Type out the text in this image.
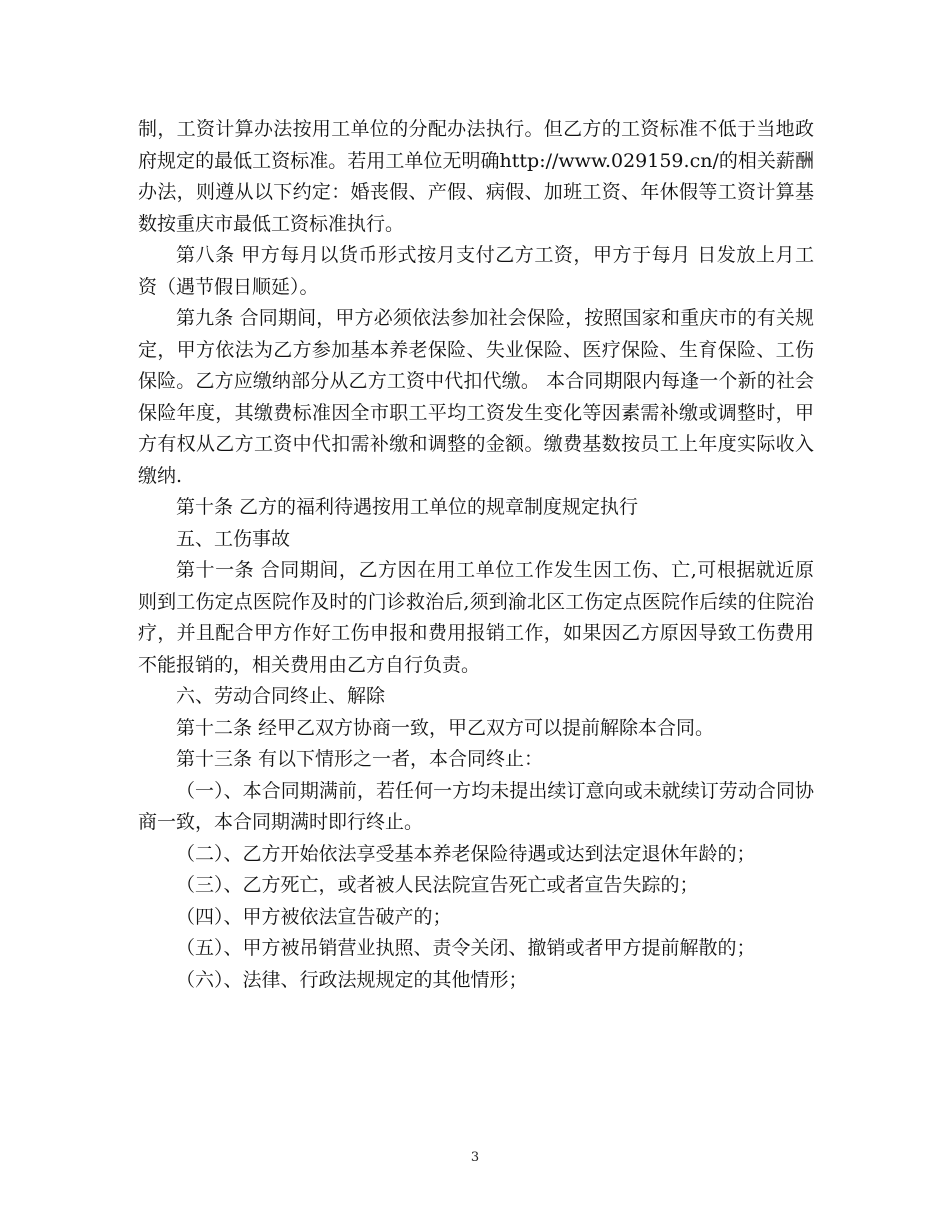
制，工资计算办法按用工单位的分配办法执行。但乙方的工资标准不低于当地政府规定的最低工资标准。若用工单位无明确http://www.029159.cn/的相关薪酬办法，则遵从以下约定：婚丧假、产假、病假、加班工资、年休假等工资计算基数按重庆市最低工资标准执行。

第八条 甲方每月以货币形式按月支付乙方工资，甲方于每月 日发放上月工资（遇节假日顺延）。

第九条 合同期间，甲方必须依法参加社会保险，按照国家和重庆市的有关规定，甲方依法为乙方参加基本养老保险、失业保险、医疗保险、生育保险、工伤保险。乙方应缴纳部分从乙方工资中代扣代缴。 本合同期限内每逢一个新的社会保险年度，其缴费标准因全市职工平均工资发生变化等因素需补缴或调整时，甲方有权从乙方工资中代扣需补缴和调整的金额。缴费基数按员工上年度实际收入缴纳.

第十条 乙方的福利待遇按用工单位的规章制度规定执行

五、工伤事故

第十一条 合同期间，乙方因在用工单位工作发生因工伤、亡,可根据就近原则到工伤定点医院作及时的门诊救治后,须到渝北区工伤定点医院作后续的住院治疗，并且配合甲方作好工伤申报和费用报销工作，如果因乙方原因导致工伤费用不能报销的，相关费用由乙方自行负责。

六、劳动合同终止、解除

第十二条 经甲乙双方协商一致，甲乙双方可以提前解除本合同。

第十三条 有以下情形之一者，本合同终止：

（一）、本合同期满前，若任何一方均未提出续订意向或未就续订劳动合同协商一致，本合同期满时即行终止。

（二）、乙方开始依法享受基本养老保险待遇或达到法定退休年龄的；

（三）、乙方死亡，或者被人民法院宣告死亡或者宣告失踪的；

（四）、甲方被依法宣告破产的；

（五）、甲方被吊销营业执照、责令关闭、撤销或者甲方提前解散的；

（六）、法律、行政法规规定的其他情形；

3
